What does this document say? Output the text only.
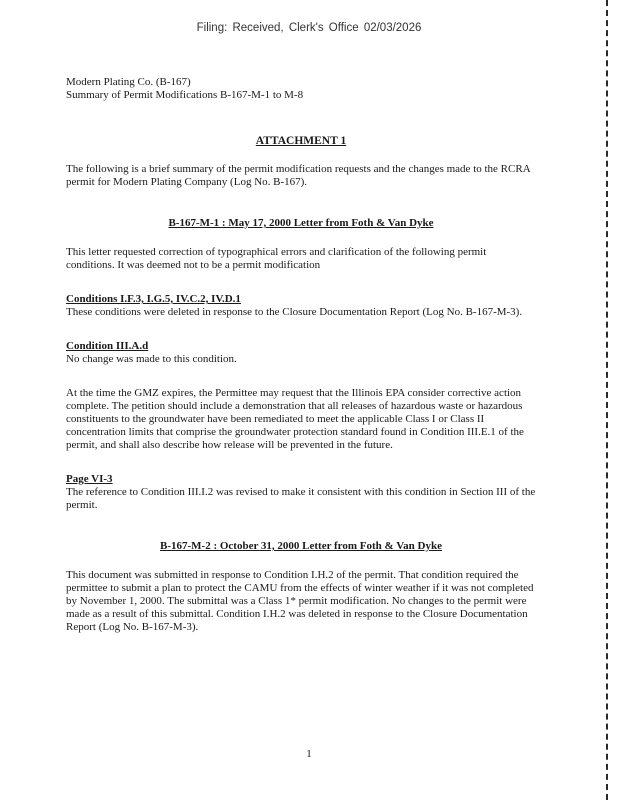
Filing: Received, Clerk's Office 02/03/2026
Modern Plating Co. (B-167)
Summary of Permit Modifications B-167-M-1 to M-8
ATTACHMENT 1

The following is a brief summary of the permit modification requests and the changes made to the RCRA permit for Modern Plating Company (Log No. B-167).

B-167-M-1 : May 17, 2000 Letter from Foth & Van Dyke

This letter requested correction of typographical errors and clarification of the following permit conditions. It was deemed not to be a permit modification

Conditions I.F.3, I.G.5, IV.C.2, IV.D.1

These conditions were deleted in response to the Closure Documentation Report (Log No. B-167-M-3).

Condition III.A.d

No change was made to this condition.

At the time the GMZ expires, the Permittee may request that the Illinois EPA consider corrective action complete. The petition should include a demonstration that all releases of hazardous waste or hazardous constituents to the groundwater have been remediated to meet the applicable Class I or Class II concentration limits that comprise the groundwater protection standard found in Condition III.E.1 of the permit, and shall also describe how release will be prevented in the future.

Page VI-3

The reference to Condition III.I.2 was revised to make it consistent with this condition in Section III of the permit.

B-167-M-2 : October 31, 2000 Letter from Foth & Van Dyke

This document was submitted in response to Condition I.H.2 of the permit. That condition required the permittee to submit a plan to protect the CAMU from the effects of winter weather if it was not completed by November 1, 2000. The submittal was a Class 1* permit modification. No changes to the permit were made as a result of this submittal. Condition I.H.2 was deleted in response to the Closure Documentation Report (Log No. B-167-M-3).

1
